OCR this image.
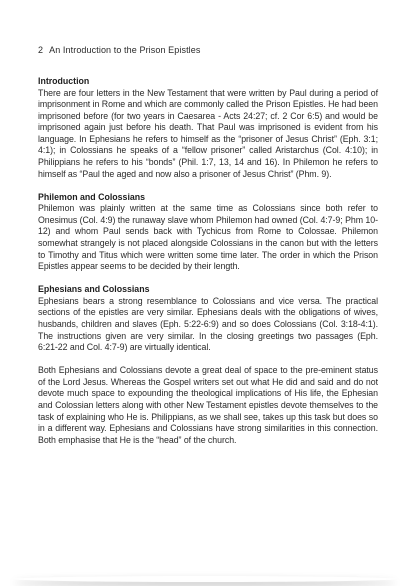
2 An Introduction to the Prison Epistles
Introduction

There are four letters in the New Testament that were written by Paul during a period of imprisonment in Rome and which are commonly called the Prison Epistles. He had been imprisoned before (for two years in Caesarea - Acts 24:27; cf. 2 Cor 6:5) and would be imprisoned again just before his death. That Paul was imprisoned is evident from his language. In Ephesians he refers to himself as the “prisoner of Jesus Christ” (Eph. 3:1; 4:1); in Colossians he speaks of a “fellow prisoner” called Aristarchus (Col. 4:10); in Philippians he refers to his “bonds” (Phil. 1:7, 13, 14 and 16). In Philemon he refers to himself as “Paul the aged and now also a prisoner of Jesus Christ” (Phm. 9).

Philemon and Colossians

Philemon was plainly written at the same time as Colossians since both refer to Onesimus (Col. 4:9) the runaway slave whom Philemon had owned (Col. 4:7-9; Phm 10-12) and whom Paul sends back with Tychicus from Rome to Colossae. Philemon somewhat strangely is not placed alongside Colossians in the canon but with the letters to Timothy and Titus which were written some time later. The order in which the Prison Epistles appear seems to be decided by their length.

Ephesians and Colossians

Ephesians bears a strong resemblance to Colossians and vice versa. The practical sections of the epistles are very similar. Ephesians deals with the obligations of wives, husbands, children and slaves (Eph. 5:22-6:9) and so does Colossians (Col. 3:18-4:1). The instructions given are very similar. In the closing greetings two passages (Eph. 6:21-22 and Col. 4:7-9) are virtually identical.

Both Ephesians and Colossians devote a great deal of space to the pre-eminent status of the Lord Jesus. Whereas the Gospel writers set out what He did and said and do not devote much space to expounding the theological implications of His life, the Ephesian and Colossian letters along with other New Testament epistles devote themselves to the task of explaining who He is. Philippians, as we shall see, takes up this task but does so in a different way. Ephesians and Colossians have strong similarities in this connection. Both emphasise that He is the “head” of the church.
